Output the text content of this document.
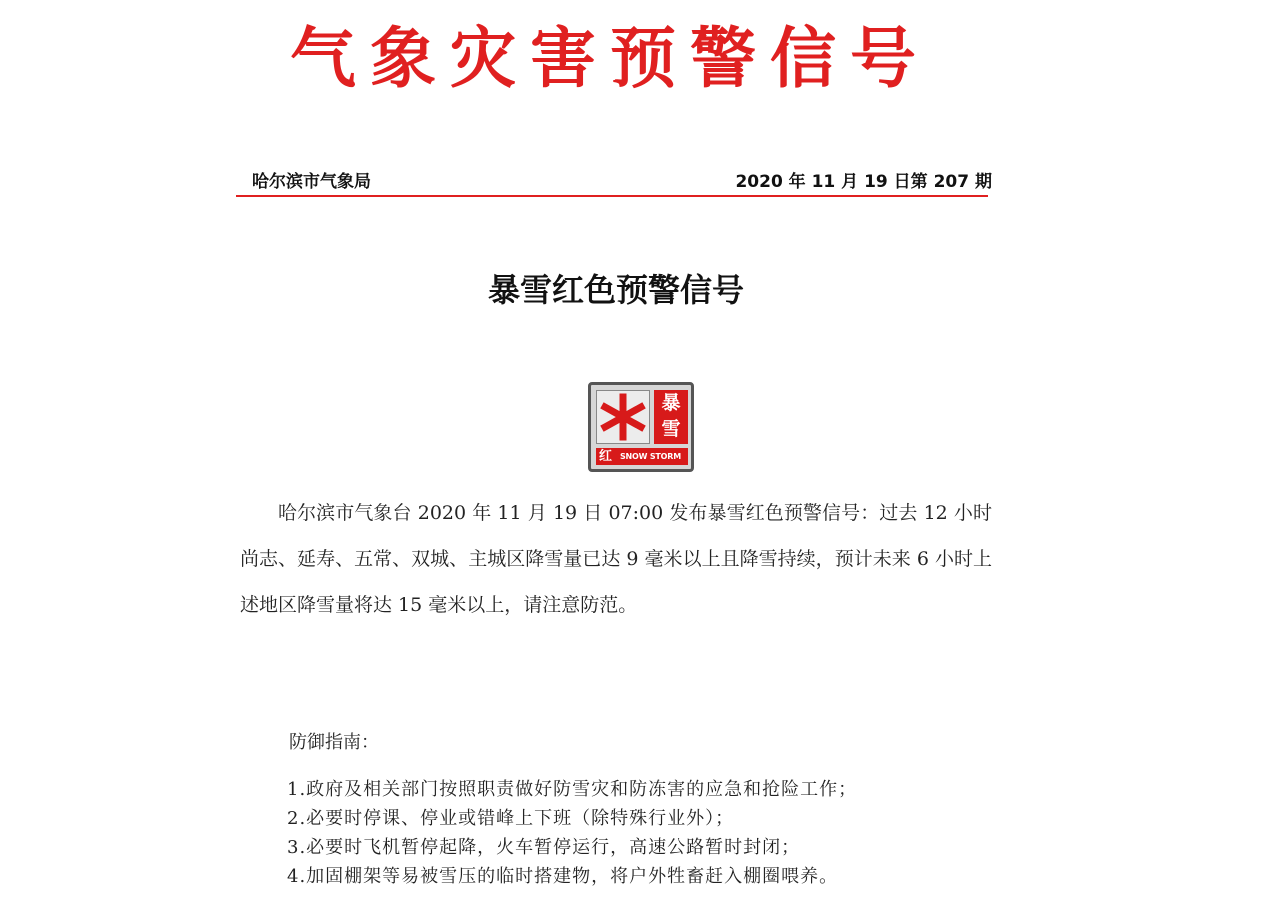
气象灾害预警信号
哈尔滨市气象局	2020 年 11 月 19 日第 207 期
暴雪红色预警信号
暴
雪
红 SNOW STORM

哈尔滨市气象台 2020 年 11 月 19 日 07:00 发布暴雪红色预警信号：过去 12 小时尚志、延寿、五常、双城、主城区降雪量已达 9 毫米以上且降雪持续，预计未来 6 小时上述地区降雪量将达 15 毫米以上，请注意防范。

防御指南：
1.政府及相关部门按照职责做好防雪灾和防冻害的应急和抢险工作；
2.必要时停课、停业或错峰上下班（除特殊行业外）；
3.必要时飞机暂停起降，火车暂停运行，高速公路暂时封闭；
4.加固棚架等易被雪压的临时搭建物，将户外牲畜赶入棚圈喂养。
